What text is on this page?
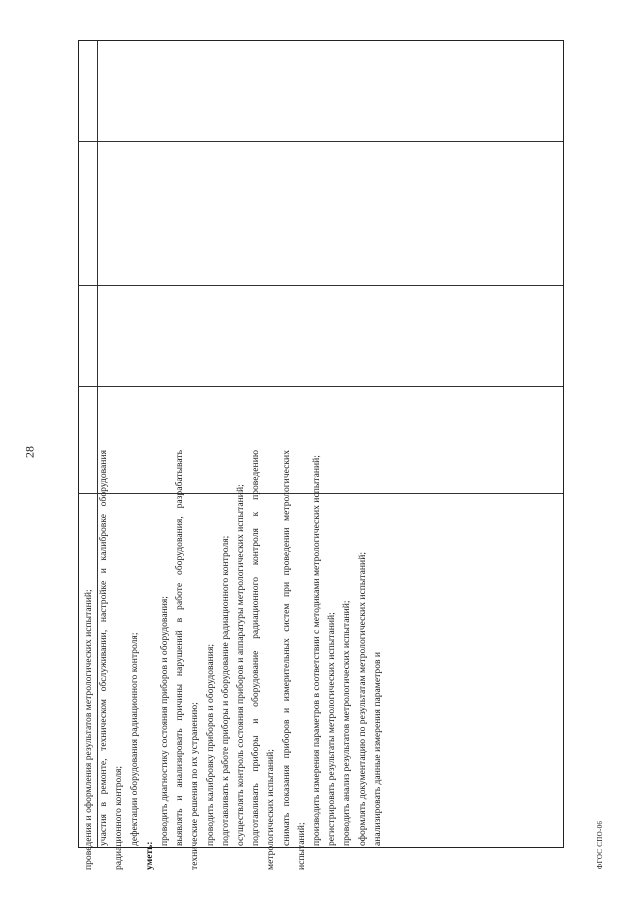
28

проведения и оформления результатов метрологических испытаний; участия в ремонте, техническом обслуживании, настройке и калибровке оборудования радиационного контроля; дефектации оборудования радиационного контроля;

уметь:

проводить диагностику состояния приборов и оборудования; выявлять и анализировать причины нарушений в работе оборудования, разрабатывать технические решения по их устранению; проводить калибровку приборов и оборудования; подготавливать к работе приборы и оборудование радиационного контроля; осуществлять контроль состояния приборов и аппаратуры метрологических испытаний; подготавливать приборы и оборудование радиационного контроля к проведению метрологических испытаний; снимать показания приборов и измерительных систем при проведении метрологических испытаний;

производить измерения параметров в соответствии с методиками метрологических испытаний; регистрировать результаты метрологических испытаний; проводить анализ результатов метрологических испытаний; оформлять документацию по результатам метрологических испытаний; анализировать данные измерения параметров и	ФГОС СПО-06
